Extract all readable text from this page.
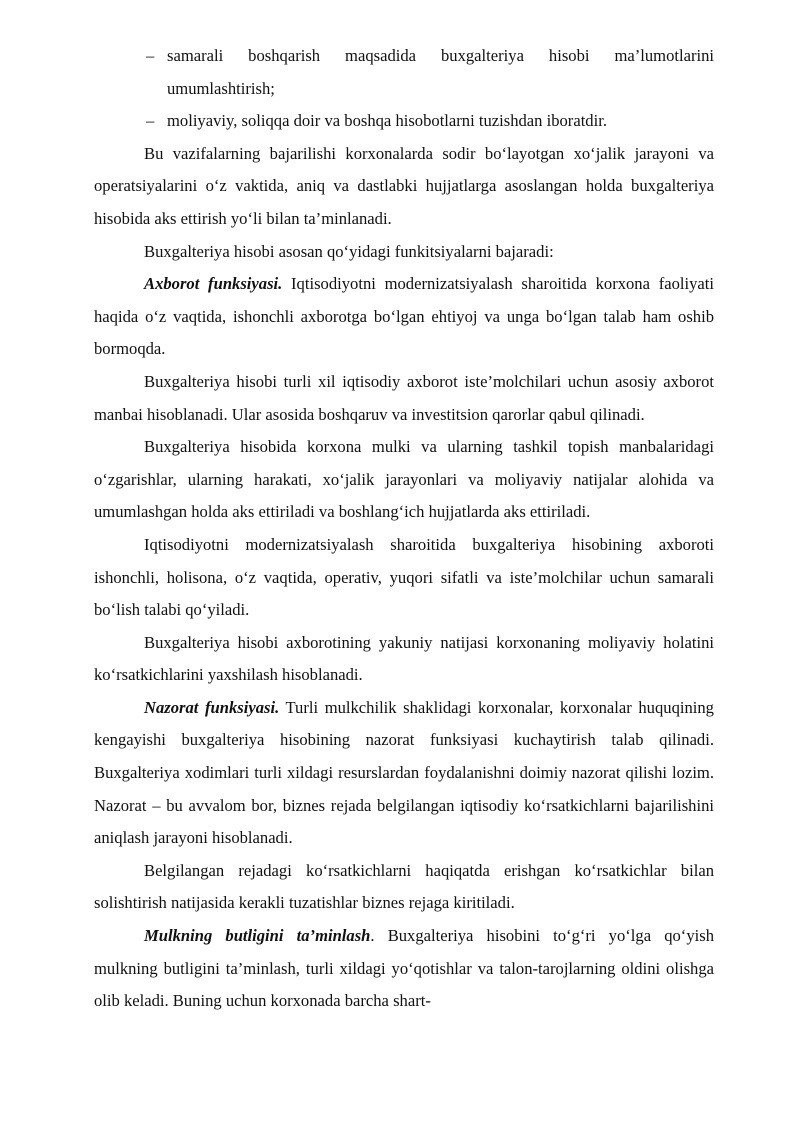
– samarali boshqarish maqsadida buxgalteriya hisobi ma’lumotlarini umumlashtirish;
– moliyaviy, soliqqa doir va boshqa hisobotlarni tuzishdan iboratdir.

Bu vazifalarning bajarilishi korxonalarda sodir bo‘layotgan xo‘jalik jarayoni va operatsiyalarini o‘z vaktida, aniq va dastlabki hujjatlarga asoslangan holda buxgalteriya hisobida aks ettirish yo‘li bilan ta’minlanadi.

Buxgalteriya hisobi asosan qo‘yidagi funkitsiyalarni bajaradi:

Axborot funksiyasi. Iqtisodiyotni modernizatsiyalash sharoitida korxona faoliyati haqida o‘z vaqtida, ishonchli axborotga bo‘lgan ehtiyoj va unga bo‘lgan talab ham oshib bormoqda.

Buxgalteriya hisobi turli xil iqtisodiy axborot iste’molchilari uchun asosiy axborot manbai hisoblanadi. Ular asosida boshqaruv va investitsion qarorlar qabul qilinadi.

Buxgalteriya hisobida korxona mulki va ularning tashkil topish manbalaridagi o‘zgarishlar, ularning harakati, xo‘jalik jarayonlari va moliyaviy natijalar alohida va umumlashgan holda aks ettiriladi va boshlang‘ich hujjatlarda aks ettiriladi.

Iqtisodiyotni modernizatsiyalash sharoitida buxgalteriya hisobining axboroti ishonchli, holisona, o‘z vaqtida, operativ, yuqori sifatli va iste’molchilar uchun samarali bo‘lish talabi qo‘yiladi.

Buxgalteriya hisobi axborotining yakuniy natijasi korxonaning moliyaviy holatini ko‘rsatkichlarini yaxshilash hisoblanadi.

Nazorat funksiyasi. Turli mulkchilik shaklidagi korxonalar, korxonalar huquqining kengayishi buxgalteriya hisobining nazorat funksiyasi kuchaytirish talab qilinadi. Buxgalteriya xodimlari turli xildagi resurslardan foydalanishni doimiy nazorat qilishi lozim. Nazorat – bu avvalom bor, biznes rejada belgilangan iqtisodiy ko‘rsatkichlarni bajarilishini aniqlash jarayoni hisoblanadi.

Belgilangan rejadagi ko‘rsatkichlarni haqiqatda erishgan ko‘rsatkichlar bilan solishtirish natijasida kerakli tuzatishlar biznes rejaga kiritiladi.

Mulkning butligini ta’minlash. Buxgalteriya hisobini to‘g‘ri yo‘lga qo‘yish mulkning butligini ta’minlash, turli xildagi yo‘qotishlar va talon-tarojlarning oldini olishga olib keladi. Buning uchun korxonada barcha shart-
